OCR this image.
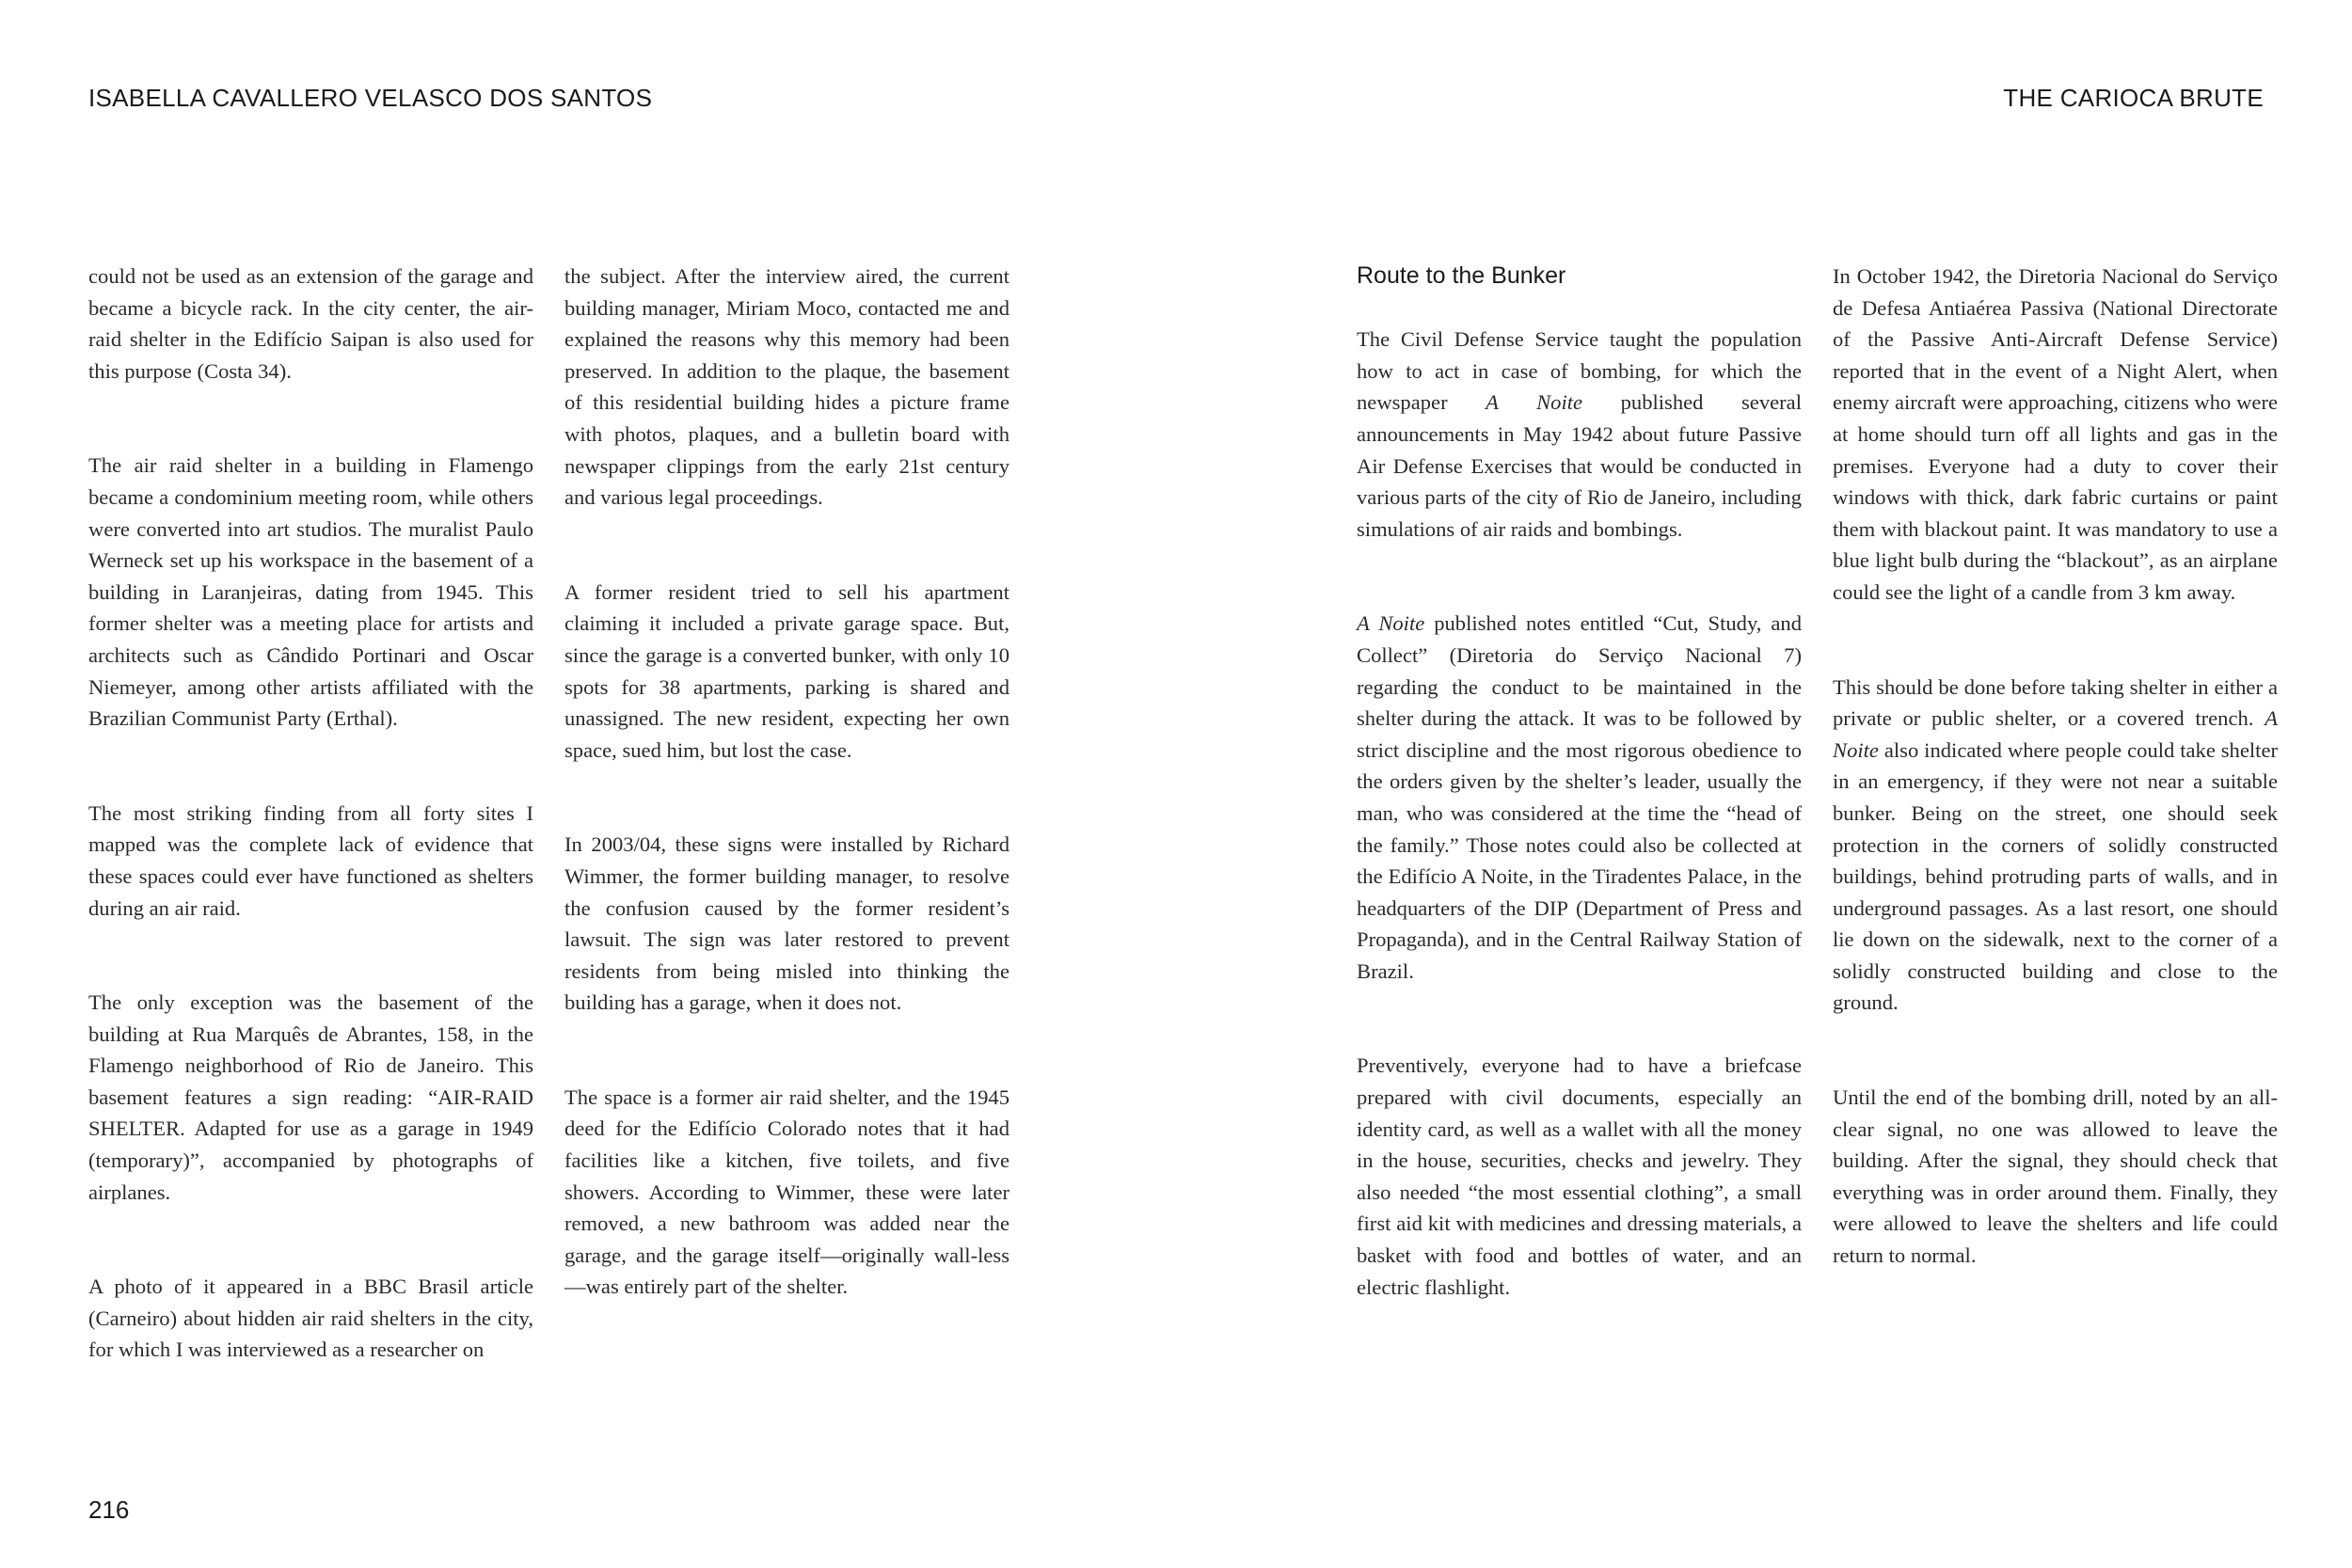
ISABELLA CAVALLERO VELASCO DOS SANTOS	THE CARIOCA BRUTE

could not be used as an extension of the garage and became a bicycle rack. In the city center, the air-raid shelter in the Edifício Saipan is also used for this purpose (Costa 34).

The air raid shelter in a building in Flamengo became a condominium meeting room, while others were converted into art studios. The muralist Paulo Werneck set up his workspace in the basement of a building in Laranjeiras, dating from 1945. This former shelter was a meeting place for artists and architects such as Cândido Portinari and Oscar Niemeyer, among other artists affiliated with the Brazilian Communist Party (Erthal).

The most striking finding from all forty sites I mapped was the complete lack of evidence that these spaces could ever have functioned as shelters during an air raid.

The only exception was the basement of the building at Rua Marquês de Abrantes, 158, in the Flamengo neighborhood of Rio de Janeiro. This basement features a sign reading: “AIR-RAID SHELTER. Adapted for use as a garage in 1949 (temporary)”, accompanied by photographs of airplanes.

A photo of it appeared in a BBC Brasil article (Carneiro) about hidden air raid shelters in the city, for which I was interviewed as a researcher on

the subject. After the interview aired, the current building manager, Miriam Moco, contacted me and explained the reasons why this memory had been preserved. In addition to the plaque, the basement of this residential building hides a picture frame with photos, plaques, and a bulletin board with newspaper clippings from the early 21st century and various legal proceedings.

A former resident tried to sell his apartment claiming it included a private garage space. But, since the garage is a converted bunker, with only 10 spots for 38 apartments, parking is shared and unassigned. The new resident, expecting her own space, sued him, but lost the case.

In 2003/04, these signs were installed by Richard Wimmer, the former building manager, to resolve the confusion caused by the former resident’s lawsuit. The sign was later restored to prevent residents from being misled into thinking the building has a garage, when it does not.

The space is a former air raid shelter, and the 1945 deed for the Edifício Colorado notes that it had facilities like a kitchen, five toilets, and five showers. According to Wimmer, these were later removed, a new bathroom was added near the garage, and the garage itself—originally wall-less—was entirely part of the shelter.

Route to the Bunker

The Civil Defense Service taught the population how to act in case of bombing, for which the newspaper A Noite published several announcements in May 1942 about future Passive Air Defense Exercises that would be conducted in various parts of the city of Rio de Janeiro, including simulations of air raids and bombings.

A Noite published notes entitled “Cut, Study, and Collect” (Diretoria do Serviço Nacional 7) regarding the conduct to be maintained in the shelter during the attack. It was to be followed by strict discipline and the most rigorous obedience to the orders given by the shelter’s leader, usually the man, who was considered at the time the “head of the family.” Those notes could also be collected at the Edifício A Noite, in the Tiradentes Palace, in the headquarters of the DIP (Department of Press and Propaganda), and in the Central Railway Station of Brazil.

Preventively, everyone had to have a briefcase prepared with civil documents, especially an identity card, as well as a wallet with all the money in the house, securities, checks and jewelry. They also needed “the most essential clothing”, a small first aid kit with medicines and dressing materials, a basket with food and bottles of water, and an electric flashlight.

In October 1942, the Diretoria Nacional do Serviço de Defesa Antiaérea Passiva (National Directorate of the Passive Anti-Aircraft Defense Service) reported that in the event of a Night Alert, when enemy aircraft were approaching, citizens who were at home should turn off all lights and gas in the premises. Everyone had a duty to cover their windows with thick, dark fabric curtains or paint them with blackout paint. It was mandatory to use a blue light bulb during the “blackout”, as an airplane could see the light of a candle from 3 km away.

This should be done before taking shelter in either a private or public shelter, or a covered trench. A Noite also indicated where people could take shelter in an emergency, if they were not near a suitable bunker. Being on the street, one should seek protection in the corners of solidly constructed buildings, behind protruding parts of walls, and in underground passages. As a last resort, one should lie down on the sidewalk, next to the corner of a solidly constructed building and close to the ground.

Until the end of the bombing drill, noted by an all-clear signal, no one was allowed to leave the building. After the signal, they should check that everything was in order around them. Finally, they were allowed to leave the shelters and life could return to normal.

216
